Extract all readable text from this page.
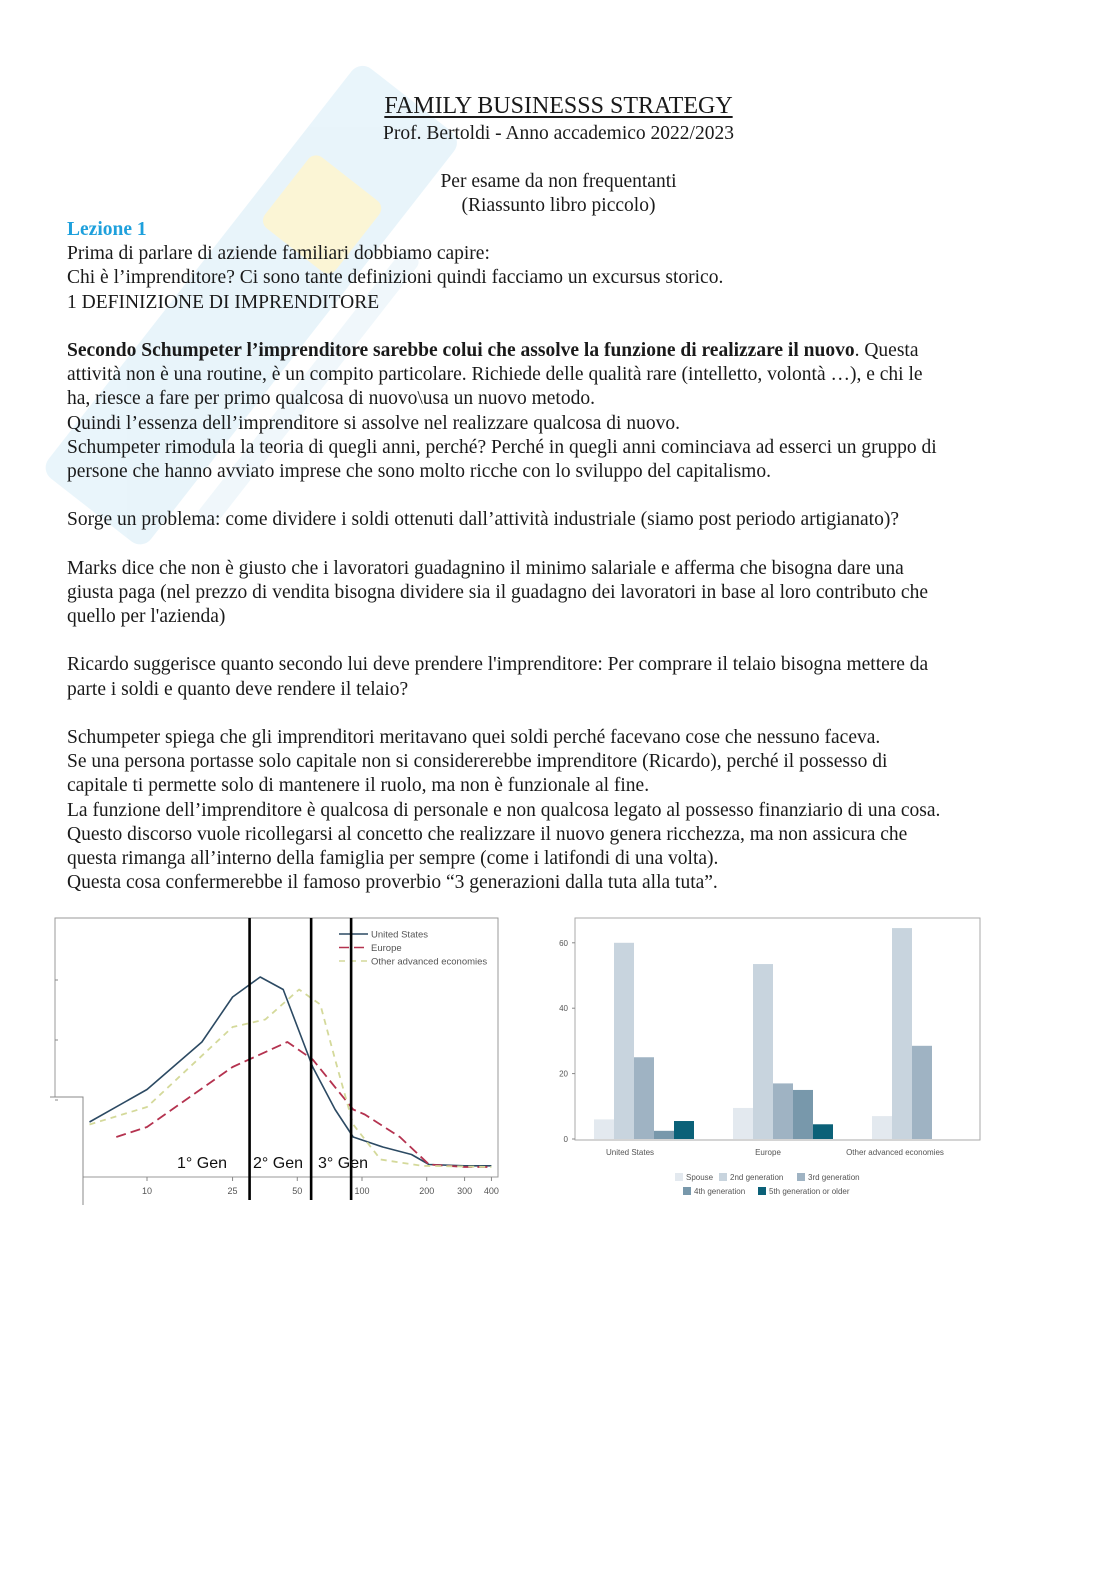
FAMILY BUSINESSS STRATEGY
Prof. Bertoldi - Anno accademico 2022/2023
Per esame da non frequentanti
(Riassunto libro piccolo)
Lezione 1
Prima di parlare di aziende familiari dobbiamo capire:
Chi è l’imprenditore? Ci sono tante definizioni quindi facciamo un excursus storico.
1 DEFINIZIONE DI IMPRENDITORE
Secondo Schumpeter l’imprenditore sarebbe colui che assolve la funzione di realizzare il nuovo. Questa
attività non è una routine, è un compito particolare. Richiede delle qualità rare (intelletto, volontà …), e chi le
ha, riesce a fare per primo qualcosa di nuovo\usa un nuovo metodo.
Quindi l’essenza dell’imprenditore si assolve nel realizzare qualcosa di nuovo.
Schumpeter rimodula la teoria di quegli anni, perché? Perché in quegli anni cominciava ad esserci un gruppo di
persone che hanno avviato imprese che sono molto ricche con lo sviluppo del capitalismo.
Sorge un problema: come dividere i soldi ottenuti dall’attività industriale (siamo post periodo artigianato)?
Marks dice che non è giusto che i lavoratori guadagnino il minimo salariale e afferma che bisogna dare una
giusta paga (nel prezzo di vendita bisogna dividere sia il guadagno dei lavoratori in base al loro contributo che
quello per l'azienda)
Ricardo suggerisce quanto secondo lui deve prendere l'imprenditore: Per comprare il telaio bisogna mettere da
parte i soldi e quanto deve rendere il telaio?
Schumpeter spiega che gli imprenditori meritavano quei soldi perché facevano cose che nessuno faceva.
Se una persona portasse solo capitale non si considererebbe imprenditore (Ricardo), perché il possesso di
capitale ti permette solo di mantenere il ruolo, ma non è funzionale al fine.
La funzione dell’imprenditore è qualcosa di personale e non qualcosa legato al possesso finanziario di una cosa.
Questo discorso vuole ricollegarsi al concetto che realizzare il nuovo genera ricchezza, ma non assicura che
questa rimanga all’interno della famiglia per sempre (come i latifondi di una volta).
Questa cosa confermerebbe il famoso proverbio “3 generazioni dalla tuta alla tuta”.
10	25	50	100	200	300 400
United States
Europe
Other advanced economies
1° Gen 2° Gen 3° Gen
0
20
40
60
United States	Europe	Other advanced economies
Spouse 2nd generation	3rd generation
4th generation	5th generation or older
